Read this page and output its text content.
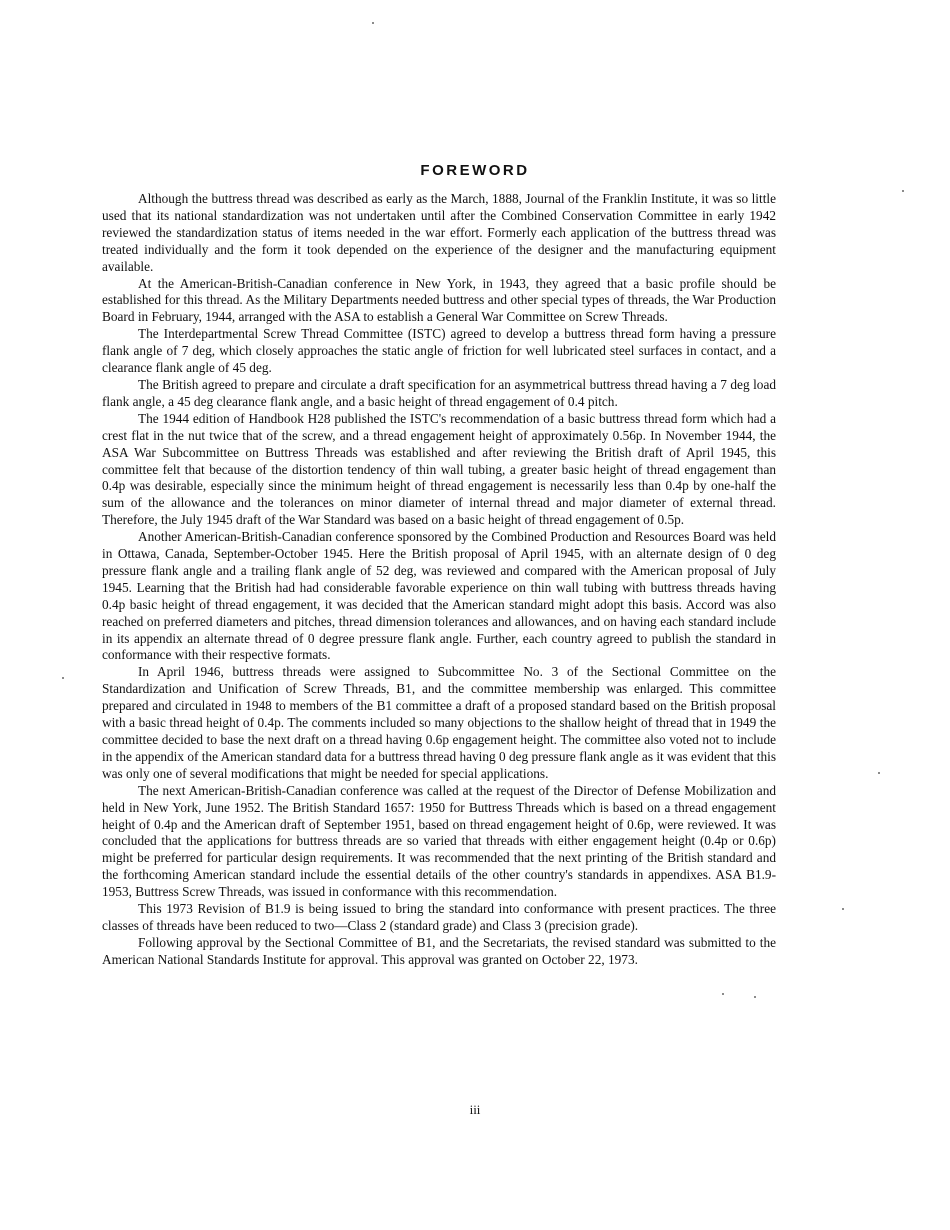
FOREWORD

Although the buttress thread was described as early as the March, 1888, Journal of the Franklin Institute, it was so little used that its national standardization was not undertaken until after the Combined Conservation Committee in early 1942 reviewed the standardization status of items needed in the war effort. Formerly each application of the buttress thread was treated individually and the form it took depended on the experience of the designer and the manufacturing equipment available.

At the American-British-Canadian conference in New York, in 1943, they agreed that a basic profile should be established for this thread. As the Military Departments needed buttress and other special types of threads, the War Production Board in February, 1944, arranged with the ASA to establish a General War Committee on Screw Threads.

The Interdepartmental Screw Thread Committee (ISTC) agreed to develop a buttress thread form having a pressure flank angle of 7 deg, which closely approaches the static angle of friction for well lubricated steel surfaces in contact, and a clearance flank angle of 45 deg.

The British agreed to prepare and circulate a draft specification for an asymmetrical buttress thread having a 7 deg load flank angle, a 45 deg clearance flank angle, and a basic height of thread engagement of 0.4 pitch.

The 1944 edition of Handbook H28 published the ISTC's recommendation of a basic buttress thread form which had a crest flat in the nut twice that of the screw, and a thread engagement height of approximately 0.56p. In November 1944, the ASA War Subcommittee on Buttress Threads was established and after reviewing the British draft of April 1945, this committee felt that because of the distortion tendency of thin wall tubing, a greater basic height of thread engagement than 0.4p was desirable, especially since the minimum height of thread engagement is necessarily less than 0.4p by one-half the sum of the allowance and the tolerances on minor diameter of internal thread and major diameter of external thread. Therefore, the July 1945 draft of the War Standard was based on a basic height of thread engagement of 0.5p.

Another American-British-Canadian conference sponsored by the Combined Production and Resources Board was held in Ottawa, Canada, September-October 1945. Here the British proposal of April 1945, with an alternate design of 0 deg pressure flank angle and a trailing flank angle of 52 deg, was reviewed and compared with the American proposal of July 1945. Learning that the British had had considerable favorable experience on thin wall tubing with buttress threads having 0.4p basic height of thread engagement, it was decided that the American standard might adopt this basis. Accord was also reached on preferred diameters and pitches, thread dimension tolerances and allowances, and on having each standard include in its appendix an alternate thread of 0 degree pressure flank angle. Further, each country agreed to publish the standard in conformance with their respective formats.

In April 1946, buttress threads were assigned to Subcommittee No. 3 of the Sectional Committee on the Standardization and Unification of Screw Threads, B1, and the committee membership was enlarged. This committee prepared and circulated in 1948 to members of the B1 committee a draft of a proposed standard based on the British proposal with a basic thread height of 0.4p. The comments included so many objections to the shallow height of thread that in 1949 the committee decided to base the next draft on a thread having 0.6p engagement height. The committee also voted not to include in the appendix of the American standard data for a buttress thread having 0 deg pressure flank angle as it was evident that this was only one of several modifications that might be needed for special applications.

The next American-British-Canadian conference was called at the request of the Director of Defense Mobilization and held in New York, June 1952. The British Standard 1657: 1950 for Buttress Threads which is based on a thread engagement height of 0.4p and the American draft of September 1951, based on thread engagement height of 0.6p, were reviewed. It was concluded that the applications for buttress threads are so varied that threads with either engagement height (0.4p or 0.6p) might be preferred for particular design requirements. It was recommended that the next printing of the British standard and the forthcoming American standard include the essential details of the other country's standards in appendixes. ASA B1.9-1953, Buttress Screw Threads, was issued in conformance with this recommendation.

This 1973 Revision of B1.9 is being issued to bring the standard into conformance with present practices. The three classes of threads have been reduced to two—Class 2 (standard grade) and Class 3 (precision grade).

Following approval by the Sectional Committee of B1, and the Secretariats, the revised standard was submitted to the American National Standards Institute for approval. This approval was granted on October 22, 1973.

iii
